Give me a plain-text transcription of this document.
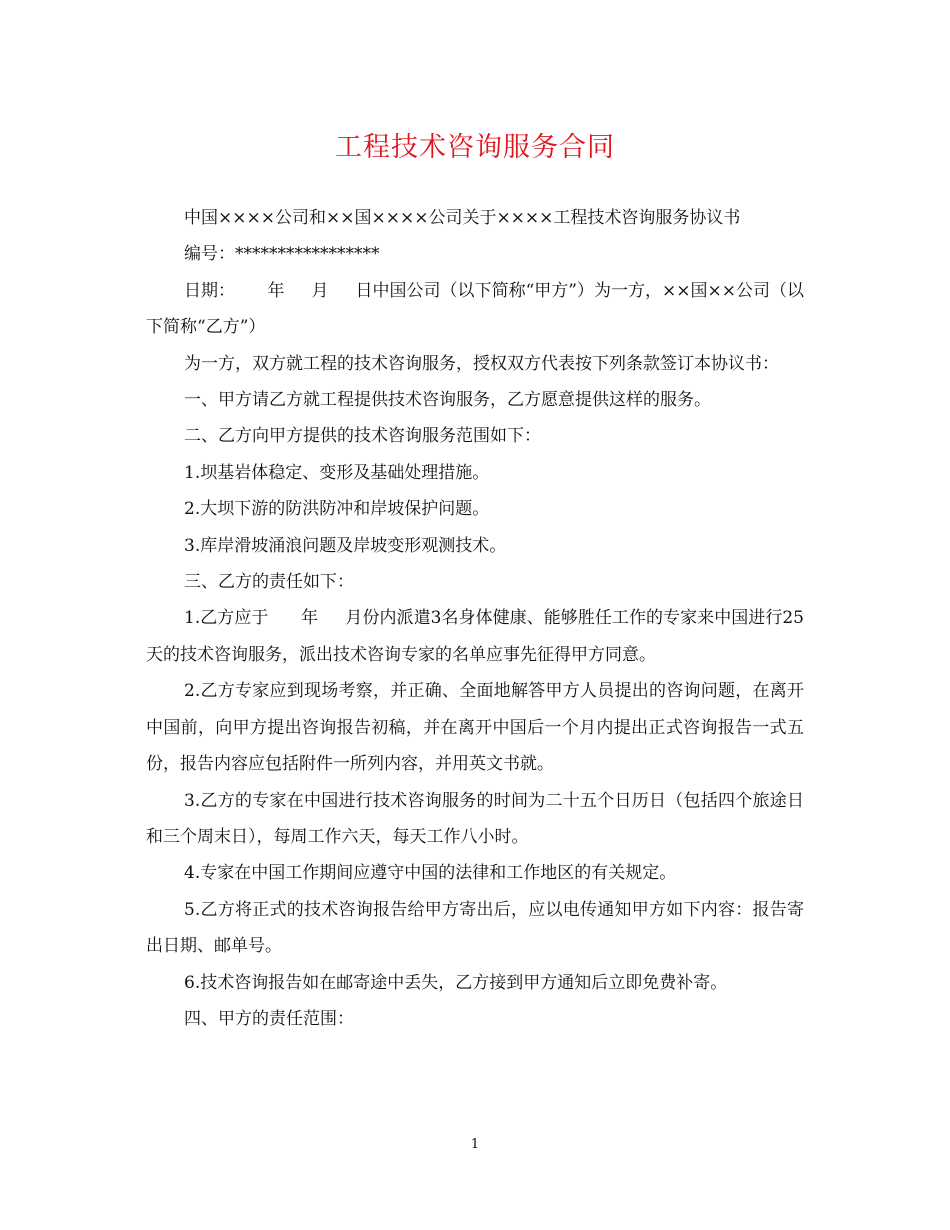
工程技术咨询服务合同

中国××××公司和××国××××公司关于××××工程技术咨询服务协议书

编号：*****************

日期：      年     月     日中国公司（以下简称“甲方”）为一方，××国××公司（以下简称“乙方”）

为一方，双方就工程的技术咨询服务，授权双方代表按下列条款签订本协议书：

一、甲方请乙方就工程提供技术咨询服务，乙方愿意提供这样的服务。

二、乙方向甲方提供的技术咨询服务范围如下：

1.坝基岩体稳定、变形及基础处理措施。

2.大坝下游的防洪防冲和岸坡保护问题。

3.库岸滑坡涌浪问题及岸坡变形观测技术。

三、乙方的责任如下：

1.乙方应于      年     月份内派遣3名身体健康、能够胜任工作的专家来中国进行25天的技术咨询服务，派出技术咨询专家的名单应事先征得甲方同意。

2.乙方专家应到现场考察，并正确、全面地解答甲方人员提出的咨询问题，在离开中国前，向甲方提出咨询报告初稿，并在离开中国后一个月内提出正式咨询报告一式五份，报告内容应包括附件一所列内容，并用英文书就。

3.乙方的专家在中国进行技术咨询服务的时间为二十五个日历日（包括四个旅途日和三个周末日），每周工作六天，每天工作八小时。

4.专家在中国工作期间应遵守中国的法律和工作地区的有关规定。

5.乙方将正式的技术咨询报告给甲方寄出后，应以电传通知甲方如下内容：报告寄出日期、邮单号。

6.技术咨询报告如在邮寄途中丢失，乙方接到甲方通知后立即免费补寄。

四、甲方的责任范围：

1
